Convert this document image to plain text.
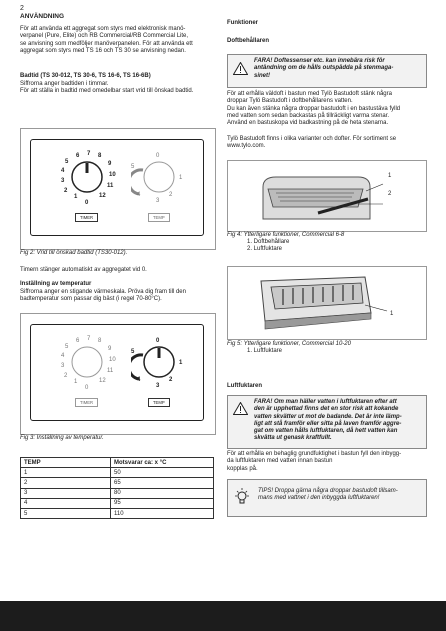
2
ANVÄNDNING
För att använda ett aggregat som styrs med elektronisk manö-
verpanel (Pure, Elite) och RB Commercial/RB Commercial Lite,
se anvisning som medföljer manöverpanelen. För att använda ett
aggregat som styrs med TS 16 och TS 30 se anvisning nedan.
Badtid (TS 30-012, TS 30-6, TS 16-6, TS 16-6B)
Siffrorna anger badtiden i timmar.
För att ställa in badtid med omedelbar start vrid till önskad badtid.
6 7 8
5	9
4
10
3
11
2
1	12
0
TIMER
0
5
1
4	2
3
TEMP
Fig 2: Vrid till önskad badtid (TS30-012).
Timern stänger automatiskt av aggregatet vid 0.
Inställning av temperatur
Siffrorna anger en stigande värmeskala. Pröva dig fram till den
badtemperatur som passar dig bäst (i regel 70-80°C).
6 7 8
5	9
4
10
3
11
2
1	12
0
TIMER
0
5
1
4	2
3
TEMP
Fig 3: Inställning av temperatur.
TEMP	Motsvarar ca: x °C
1	50
2	65
3	80
4	95
5	110
Funktioner
Doftbehållaren
FARA! Doftessenser etc. kan innebära risk för
antändning om de hålls outspädda på stenmaga-
sinet!
För att erhålla väldoft i bastun med Tylö Bastudoft stänk några
droppar Tylö Bastudoft i doftbehållarens vatten.
Du kan även stänka några droppar bastudoft i en bastustäva fylld
med vatten som sedan backastas på tillräckligt varma stenar.
Använd en bastuskopa vid badkastning på de heta stenarna.
Tylö Bastudoft finns i olika varianter och dofter. För sortiment se
www.tylo.com.
1
2
Fig 4: Ytterligare funktioner, Commercial 6-8
1. Doftbehållare
2. Luftfuktare
1
Fig 5: Ytterligare funktioner, Commercial 10-20
1. Luftfuktare
Luftfuktaren
FARA! Om man häller vatten i luftfuktaren efter att
den är upphettad finns det en stor risk att kokande
vatten skvätter ut mot de badande. Det är inte lämp-
ligt att stå framför eller sitta på laven framför aggre-
gat om vatten hålls luftfuktaren, då hett vatten kan
skvätta ut genask kraftfullt.
För att erhålla en behaglig grundfuktighet i bastun fyll den inbygg-
da luftfuktaren med vatten innan bastun
kopplas på.
TIPS! Droppa gärna några droppar bastudoft tillsam-
mans med vattnet i den inbyggda luftfuktaren!
